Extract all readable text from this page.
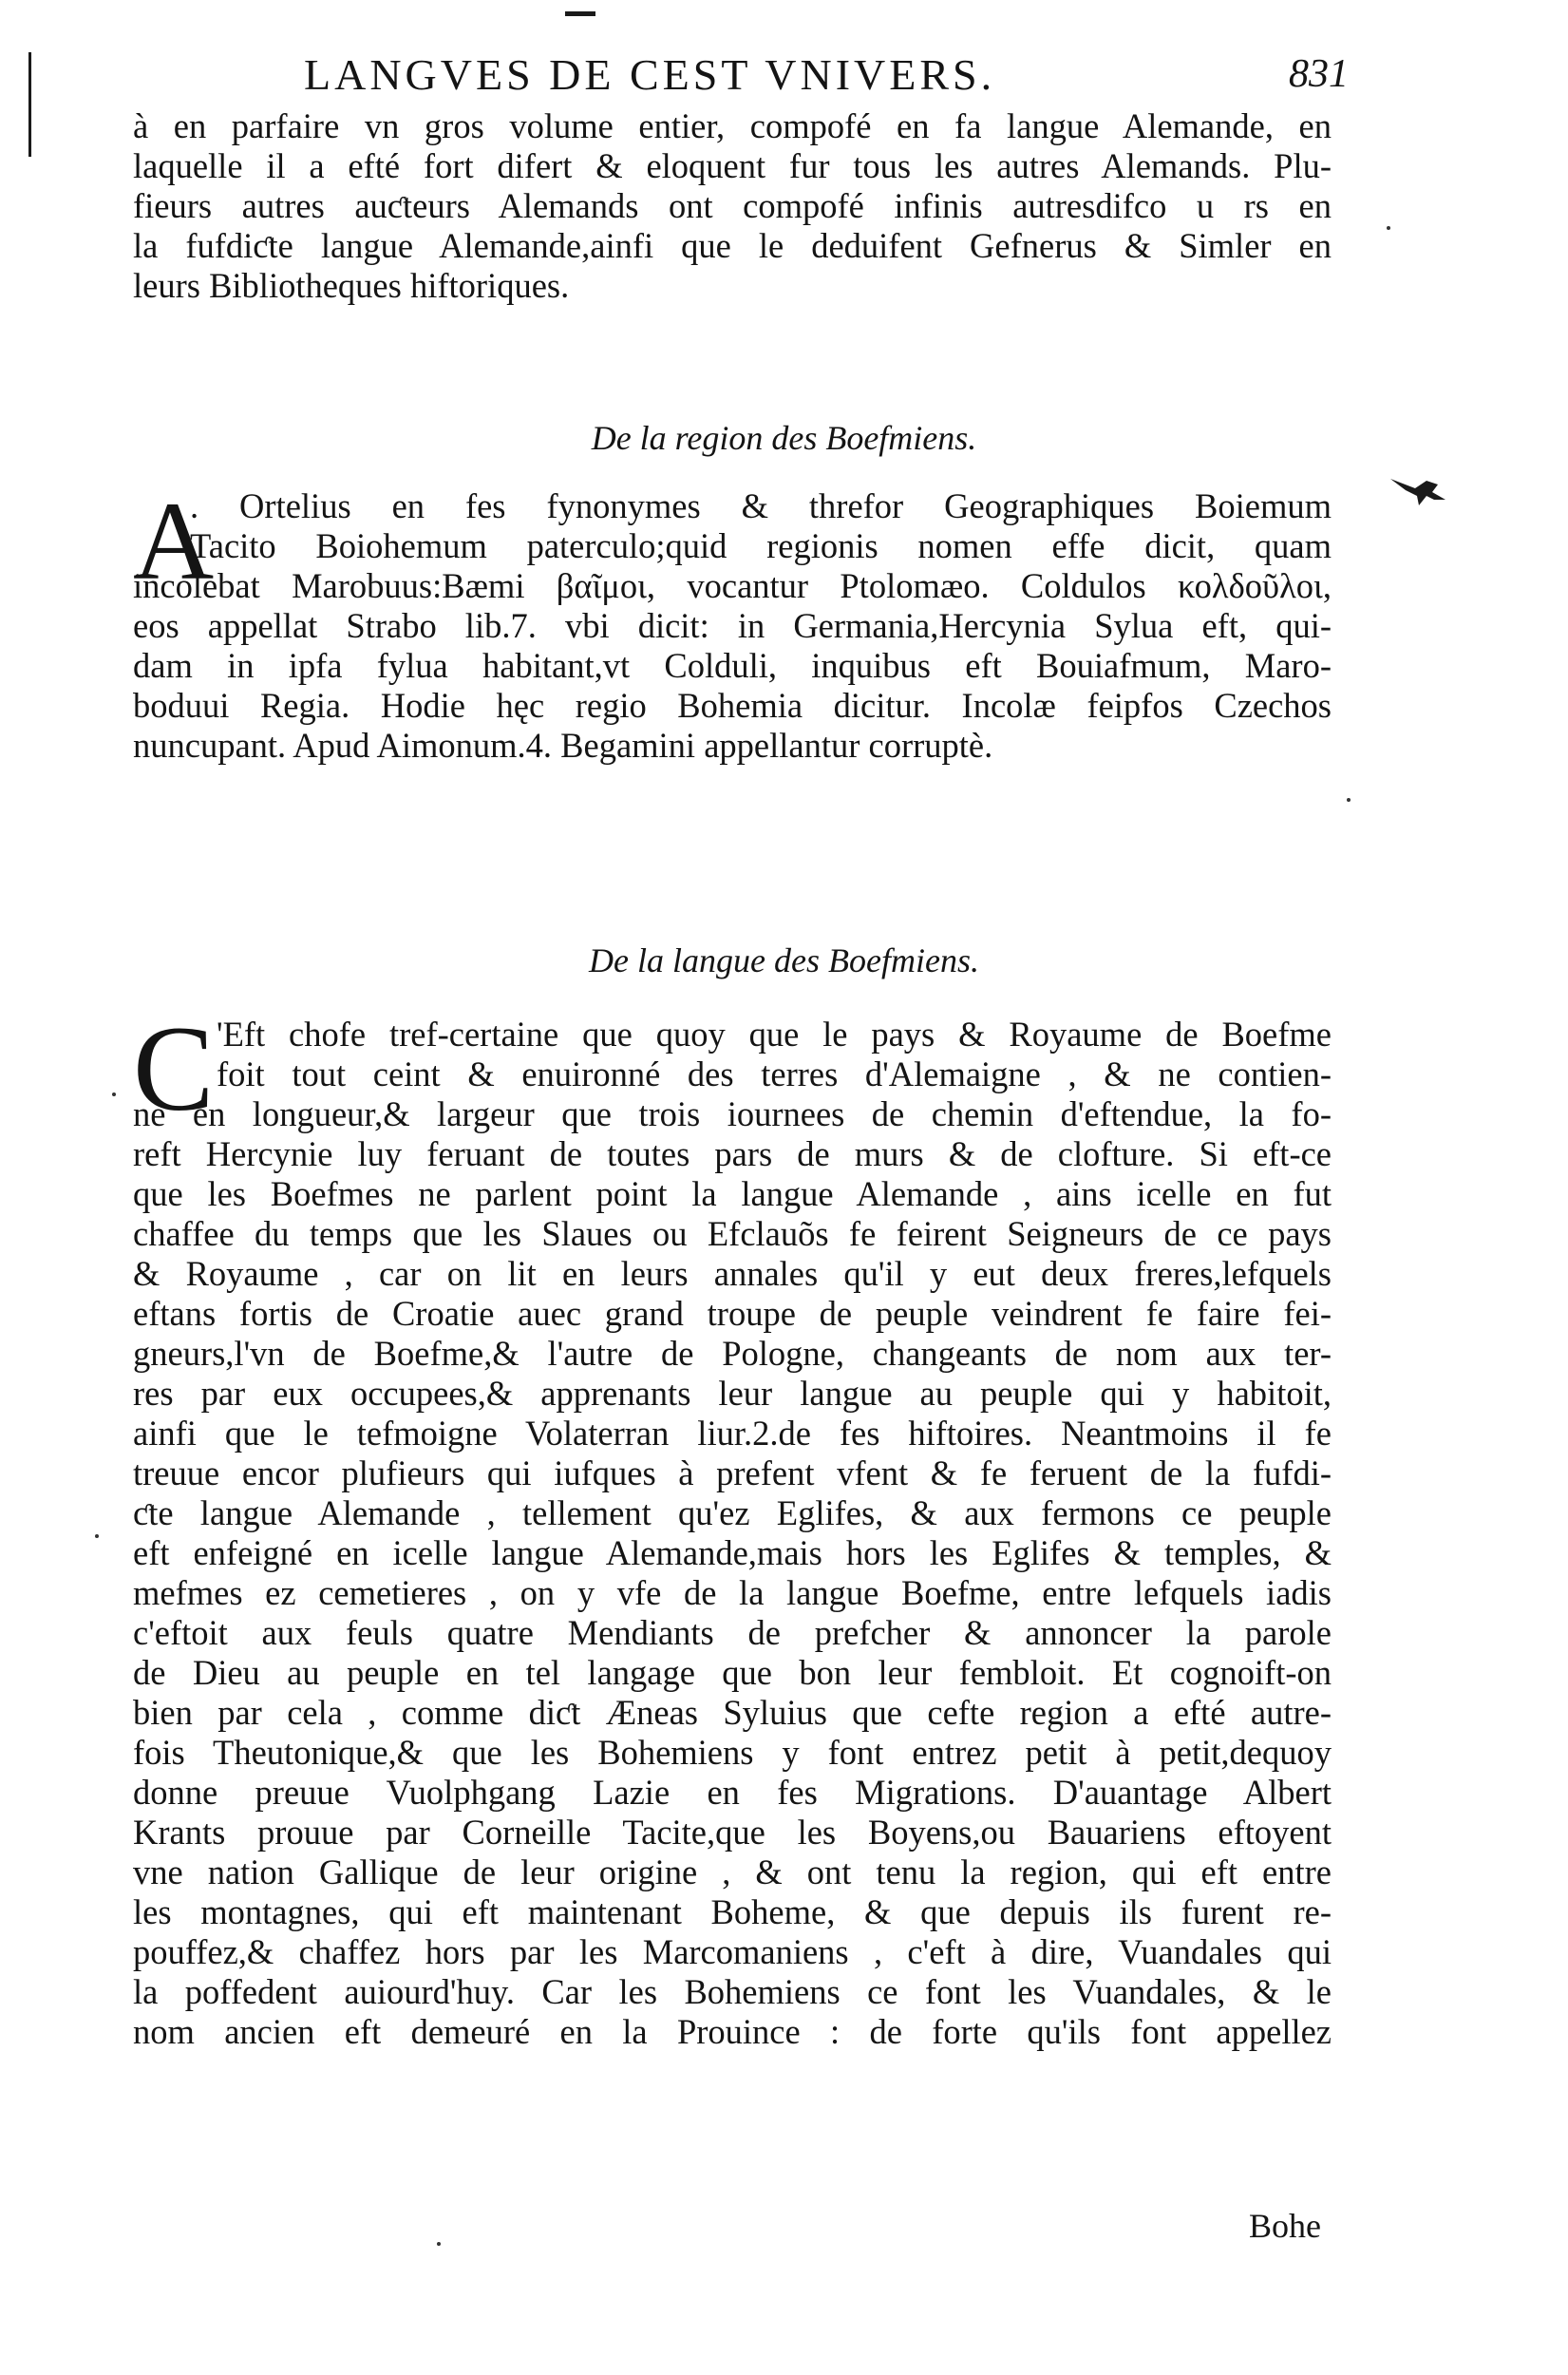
LANGVES DE CEST VNIVERS.	831
à en parfaire vn gros volume entier, compofé en fa langue Alemande, en
laquelle il a efté fort difert & eloquent fur tous les autres Alemands. Plu-
fieurs autres auƈteurs Alemands ont compofé infinis autresdifco u rs en
la fufdiƈte langue Alemande,ainfi que le deduifent Gefnerus & Simler en
leurs Bibliotheques hiftoriques.
De la region des Boefmiens.
A
. Ortelius en fes fynonymes & threfor Geographiques Boiemum
Tacito Boiohemum paterculo;quid regionis nomen effe dicit, quam
incolebat Marobuus:Bæmi βαῖμοι, vocantur Ptolomæo. Coldulos κολδοῦλοι,
eos appellat Strabo lib.7. vbi dicit: in Germania,Hercynia Sylua eft, qui-
dam in ipfa fylua habitant,vt Colduli, inquibus eft Bouiafmum, Maro-
boduui Regia. Hodie hęc regio Bohemia dicitur. Incolæ feipfos Czechos
nuncupant. Apud Aimonum.4. Begamini appellantur corruptè.
De la langue des Boefmiens.
C 'Eft chofe tref-certaine que quoy que le pays & Royaume de Boefme
foit tout ceint & enuironné des terres d'Alemaigne , & ne contien-
ne en longueur,& largeur que trois iournees de chemin d'eftendue, la fo-
reft Hercynie luy feruant de toutes pars de murs & de clofture. Si eft-ce
que les Boefmes ne parlent point la langue Alemande , ains icelle en fut
chaffee du temps que les Slaues ou Efclauõs fe feirent Seigneurs de ce pays
& Royaume , car on lit en leurs annales qu'il y eut deux freres,lefquels
eftans fortis de Croatie auec grand troupe de peuple veindrent fe faire fei-
gneurs,l'vn de Boefme,& l'autre de Pologne, changeants de nom aux ter-
res par eux occupees,& apprenants leur langue au peuple qui y habitoit,
ainfi que le tefmoigne Volaterran liur.2.de fes hiftoires. Neantmoins il fe
treuue encor plufieurs qui iufques à prefent vfent & fe feruent de la fufdi-
ƈte langue Alemande , tellement qu'ez Eglifes, & aux fermons ce peuple
eft enfeigné en icelle langue Alemande,mais hors les Eglifes & temples, &
mefmes ez cemetieres , on y vfe de la langue Boefme, entre lefquels iadis
c'eftoit aux feuls quatre Mendiants de prefcher & annoncer la parole
de Dieu au peuple en tel langage que bon leur fembloit. Et cognoift-on
bien par cela , comme diƈt Æneas Syluius que cefte region a efté autre-
fois Theutonique,& que les Bohemiens y font entrez petit à petit,dequoy
donne preuue Vuolphgang Lazie en fes Migrations. D'auantage Albert
Krants prouue par Corneille Tacite,que les Boyens,ou Bauariens eftoyent
vne nation Gallique de leur origine , & ont tenu la region, qui eft entre
les montagnes, qui eft maintenant Boheme, & que depuis ils furent re-
pouffez,& chaffez hors par les Marcomaniens , c'eft à dire, Vuandales qui
la poffedent auiourd'huy. Car les Bohemiens ce font les Vuandales, & le
nom ancien eft demeuré en la Prouince : de forte qu'ils font appellez
Bohe
